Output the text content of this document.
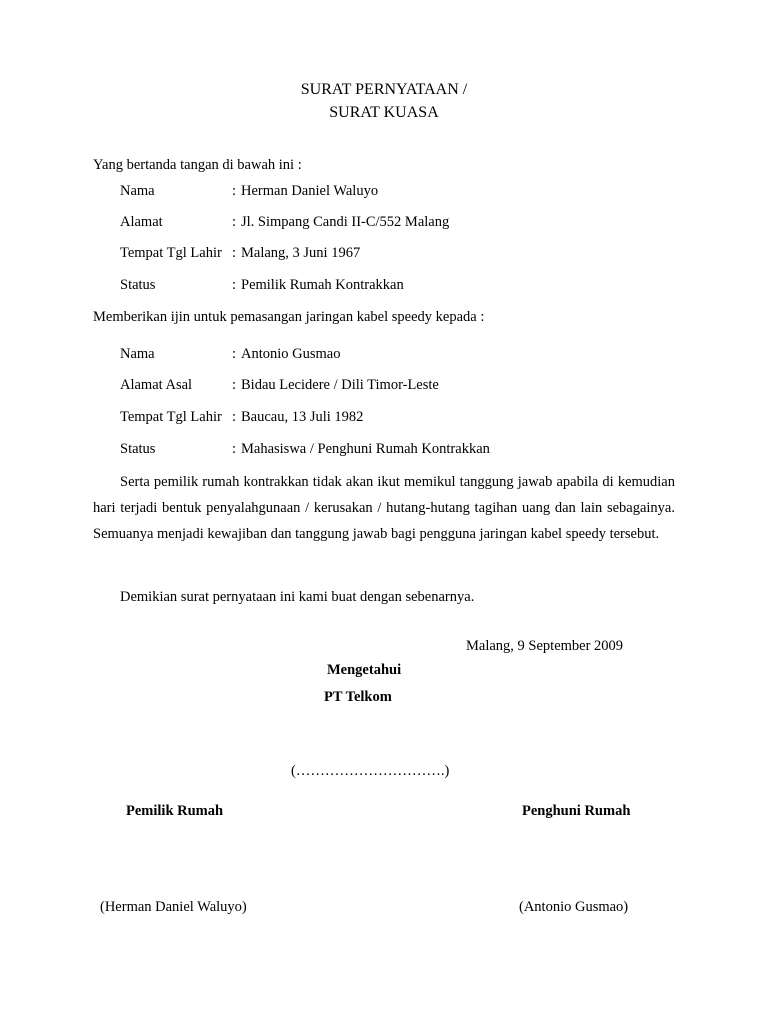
SURAT PERNYATAAN /
SURAT KUASA
Yang bertanda tangan di bawah ini :
Nama	: Herman Daniel Waluyo
Alamat	: Jl. Simpang Candi II-C/552 Malang
Tempat Tgl Lahir : Malang, 3 Juni 1967
Status	: Pemilik Rumah Kontrakkan
Memberikan ijin untuk pemasangan jaringan kabel speedy kepada :
Nama	: Antonio Gusmao
Alamat Asal	: Bidau Lecidere / Dili Timor-Leste
Tempat Tgl Lahir : Baucau, 13 Juli 1982
Status	: Mahasiswa / Penghuni Rumah Kontrakkan
Serta pemilik rumah kontrakkan tidak akan ikut memikul tanggung jawab apabila di kemudian hari terjadi bentuk penyalahgunaan / kerusakan / hutang-hutang tagihan uang dan lain sebagainya. Semuanya menjadi kewajiban dan tanggung jawab bagi pengguna jaringan kabel speedy tersebut.
Demikian surat pernyataan ini kami buat dengan sebenarnya.
Malang, 9 September 2009
Mengetahui
PT Telkom
(………………………….)
Pemilik Rumah	Penghuni Rumah
(Herman Daniel Waluyo)	(Antonio Gusmao)
